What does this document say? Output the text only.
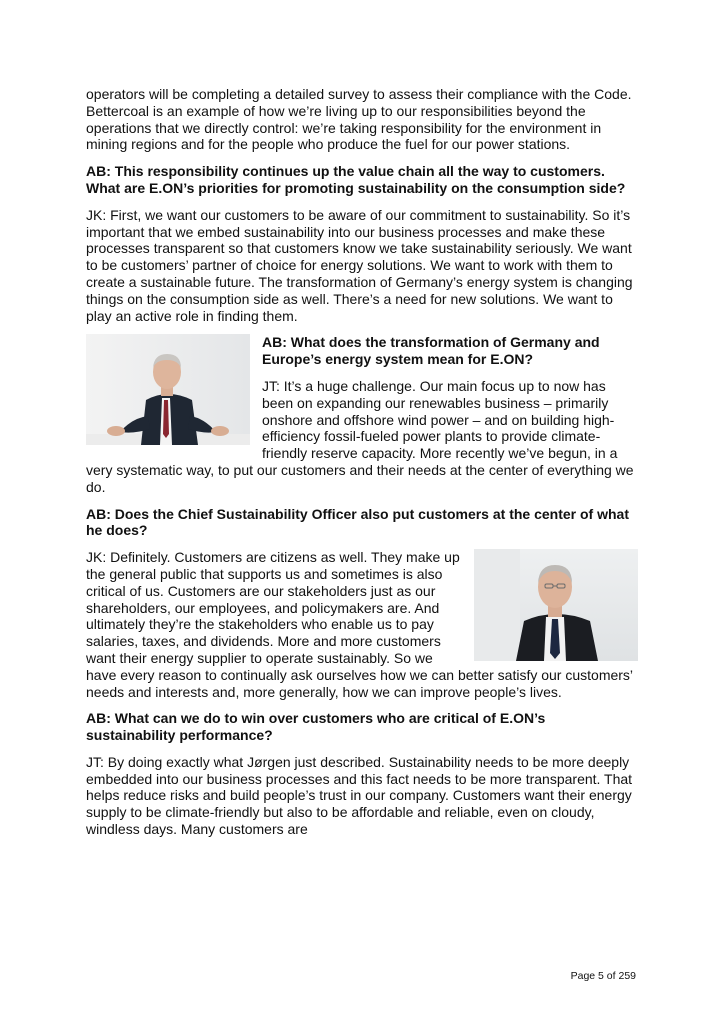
operators will be completing a detailed survey to assess their compliance with the Code. Bettercoal is an example of how we’re living up to our responsibilities beyond the operations that we directly control: we’re taking responsibility for the environment in mining regions and for the people who produce the fuel for our power stations.

AB: This responsibility continues up the value chain all the way to customers. What are E.ON’s priorities for promoting sustainability on the consumption side?

JK: First, we want our customers to be aware of our commitment to sustainability. So it’s important that we embed sustainability into our business processes and make these processes transparent so that customers know we take sustainability seriously. We want to be customers’ partner of choice for energy solutions. We want to work with them to create a sustainable future. The transformation of Germany’s energy system is changing things on the consumption side as well. There’s a need for new solutions. We want to play an active role in finding them.

AB: What does the transformation of Germany and Europe’s energy system mean for E.ON?

JT: It’s a huge challenge. Our main focus up to now has been on expanding our renewables business – primarily onshore and offshore wind power – and on building high-efficiency fossil-fueled power plants to provide climate-friendly reserve capacity. More recently we’ve begun, in a very systematic way, to put our customers and their needs at the center of everything we do.

AB: Does the Chief Sustainability Officer also put customers at the center of what he does?

JK: Definitely. Customers are citizens as well. They make up the general public that supports us and sometimes is also critical of us. Customers are our stakeholders just as our shareholders, our employees, and policymakers are. And ultimately they’re the stakeholders who enable us to pay salaries, taxes, and dividends. More and more customers want their energy supplier to operate sustainably. So we have every reason to continually ask ourselves how we can better satisfy our customers’ needs and interests and, more generally, how we can improve people’s lives.

AB: What can we do to win over customers who are critical of E.ON’s sustainability performance?

JT: By doing exactly what Jørgen just described. Sustainability needs to be more deeply embedded into our business processes and this fact needs to be more transparent. That helps reduce risks and build people’s trust in our company. Customers want their energy supply to be climate-friendly but also to be affordable and reliable, even on cloudy, windless days. Many customers are

Page 5 of 259
